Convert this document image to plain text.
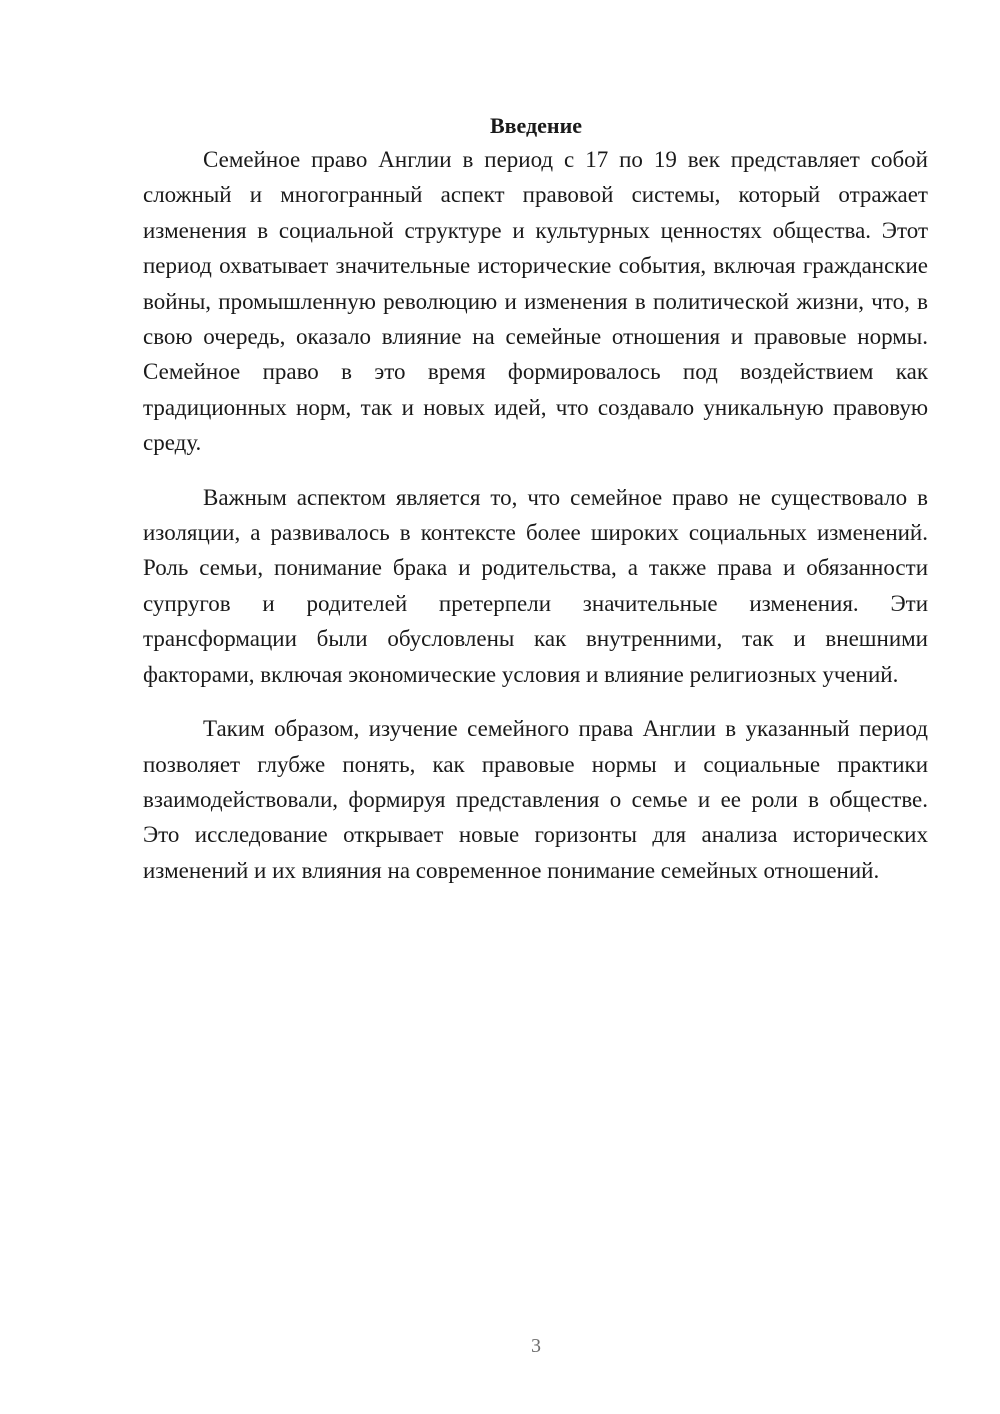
Введение

Семейное право Англии в период с 17 по 19 век представляет собой сложный и многогранный аспект правовой системы, который отражает изменения в социальной структуре и культурных ценностях общества. Этот период охватывает значительные исторические события, включая гражданские войны, промышленную революцию и изменения в политической жизни, что, в свою очередь, оказало влияние на семейные отношения и правовые нормы. Семейное право в это время формировалось под воздействием как традиционных норм, так и новых идей, что создавало уникальную правовую среду.

Важным аспектом является то, что семейное право не существовало в изоляции, а развивалось в контексте более широких социальных изменений. Роль семьи, понимание брака и родительства, а также права и обязанности супругов и родителей претерпели значительные изменения. Эти трансформации были обусловлены как внутренними, так и внешними факторами, включая экономические условия и влияние религиозных учений.

Таким образом, изучение семейного права Англии в указанный период позволяет глубже понять, как правовые нормы и социальные практики взаимодействовали, формируя представления о семье и ее роли в обществе. Это исследование открывает новые горизонты для анализа исторических изменений и их влияния на современное понимание семейных отношений.

3
